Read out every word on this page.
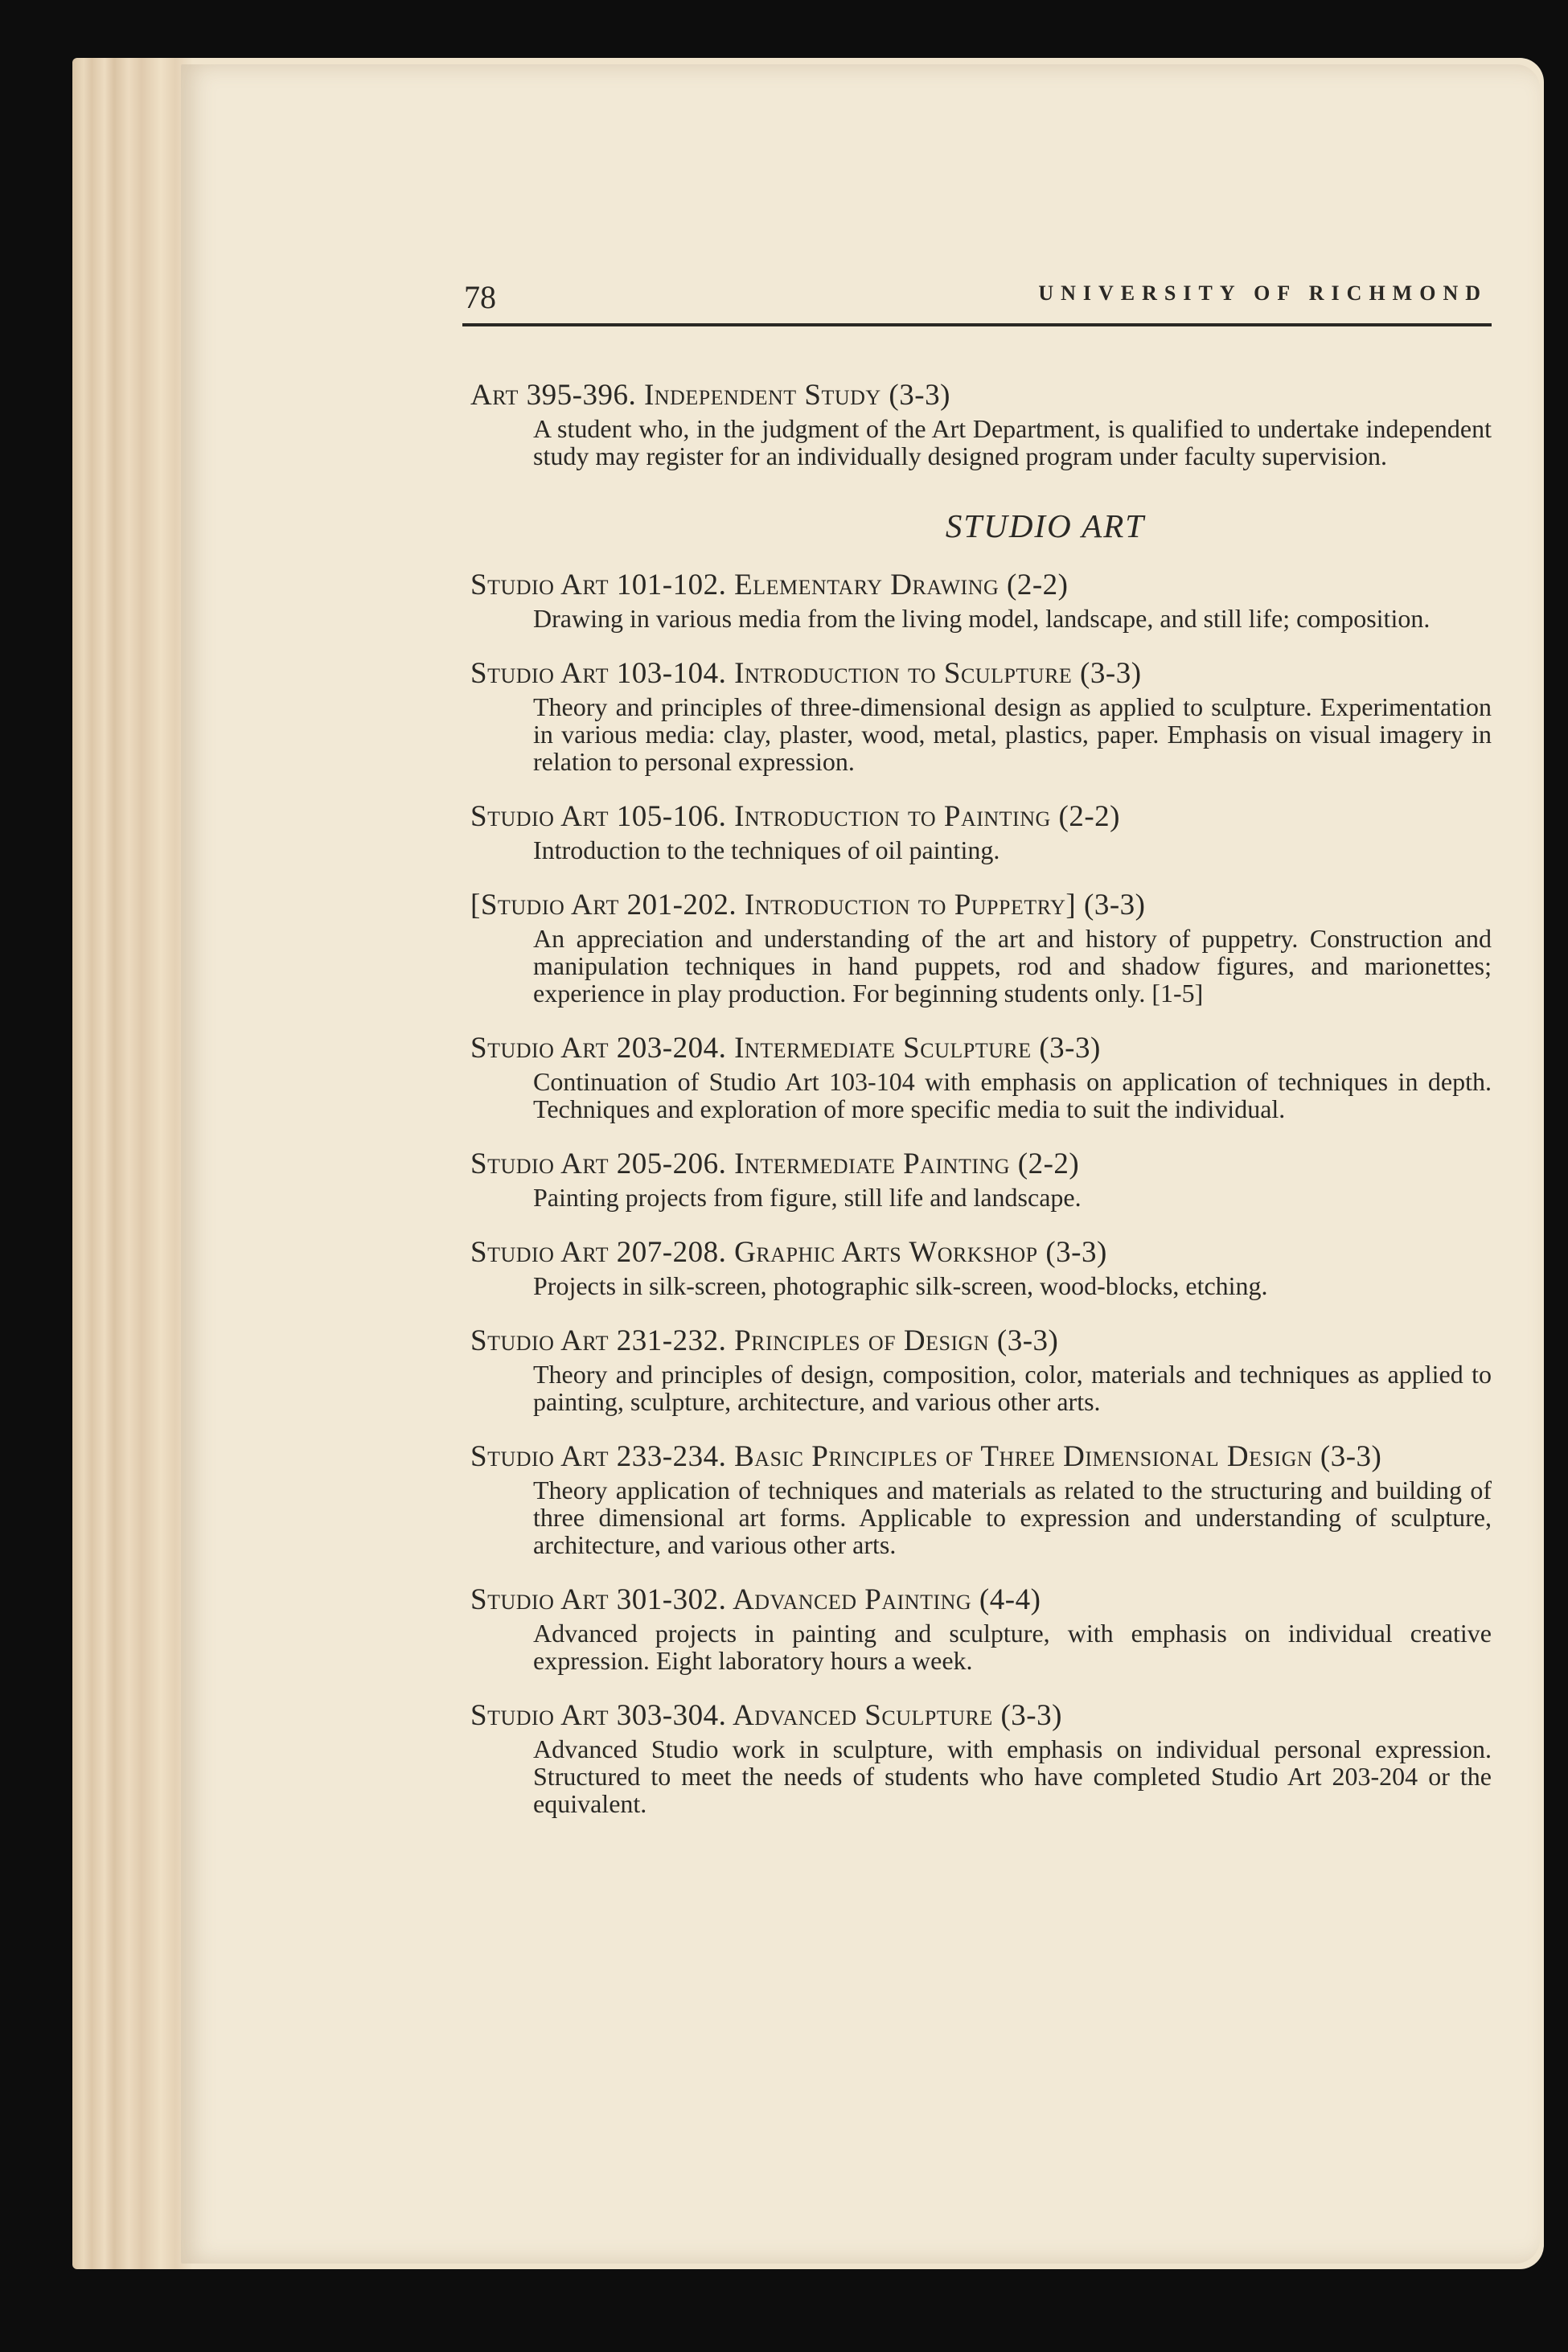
78	UNIVERSITY OF RICHMOND
Art 395-396. Independent Study (3-3)
A student who, in the judgment of the Art Department, is qualified to undertake independent study may register for an individually designed program under faculty supervision.
STUDIO ART
Studio Art 101-102. Elementary Drawing (2-2)
Drawing in various media from the living model, landscape, and still life; composition.
Studio Art 103-104. Introduction to Sculpture (3-3)
Theory and principles of three-dimensional design as applied to sculpture. Experimentation in various media: clay, plaster, wood, metal, plastics, paper. Emphasis on visual imagery in relation to personal expression.
Studio Art 105-106. Introduction to Painting (2-2)
Introduction to the techniques of oil painting.
[Studio Art 201-202. Introduction to Puppetry] (3-3)
An appreciation and understanding of the art and history of puppetry. Construction and manipulation techniques in hand puppets, rod and shadow figures, and marionettes; experience in play production. For beginning students only. [1-5]
Studio Art 203-204. Intermediate Sculpture (3-3)
Continuation of Studio Art 103-104 with emphasis on application of techniques in depth. Techniques and exploration of more specific media to suit the individual.
Studio Art 205-206. Intermediate Painting (2-2)
Painting projects from figure, still life and landscape.
Studio Art 207-208. Graphic Arts Workshop (3-3)
Projects in silk-screen, photographic silk-screen, wood-blocks, etching.
Studio Art 231-232. Principles of Design (3-3)
Theory and principles of design, composition, color, materials and techniques as applied to painting, sculpture, architecture, and various other arts.
Studio Art 233-234. Basic Principles of Three Dimensional Design (3-3)
Theory application of techniques and materials as related to the structuring and building of three dimensional art forms. Applicable to expression and understanding of sculpture, architecture, and various other arts.
Studio Art 301-302. Advanced Painting (4-4)
Advanced projects in painting and sculpture, with emphasis on individual creative expression. Eight laboratory hours a week.
Studio Art 303-304. Advanced Sculpture (3-3)
Advanced Studio work in sculpture, with emphasis on individual personal expression. Structured to meet the needs of students who have completed Studio Art 203-204 or the equivalent.
